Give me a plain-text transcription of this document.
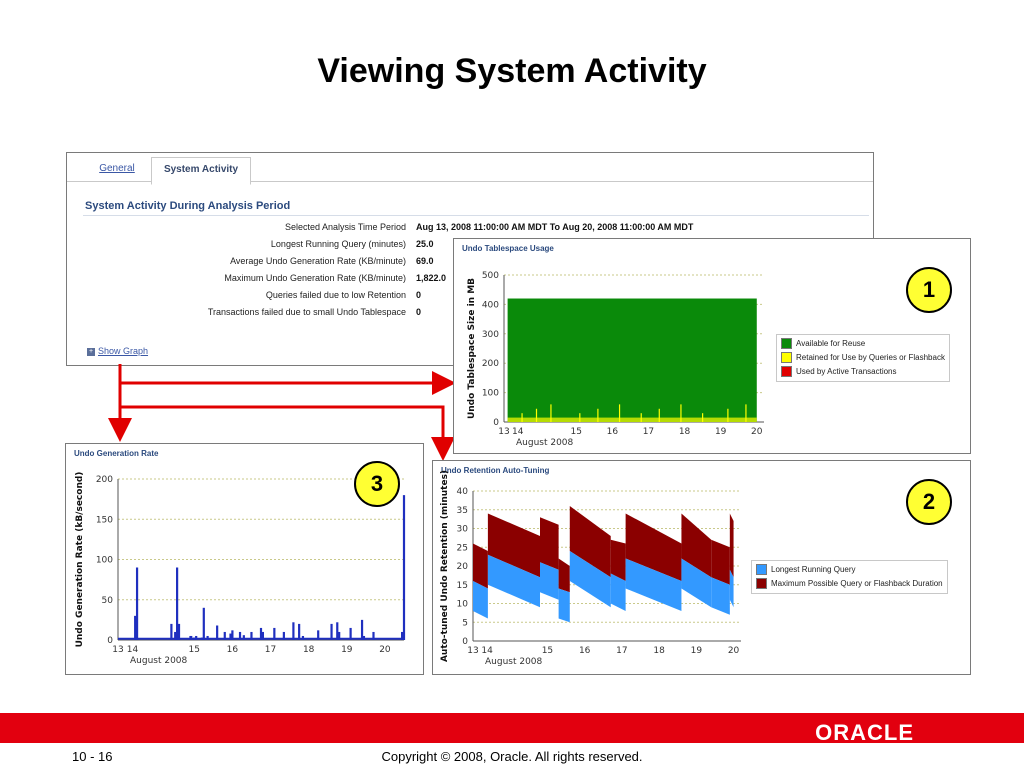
Viewing System Activity
General	System Activity
System Activity During Analysis Period
Selected Analysis Time Period Aug 13, 2008 11:00:00 AM MDT To Aug 20, 2008 11:00:00 AM MDT
Longest Running Query (minutes) 25.0
Average Undo Generation Rate (KB/minute) 69.0
Maximum Undo Generation Rate (KB/minute) 1,822.0
Queries failed due to low Retention 0
Transactions failed due to small Undo Tablespace 0
+ Show Graph
Undo Tablespace Usage
0
100
200
300
400
500
13 14	15	16	17	18	19	20
August 2008
Undo Tablespace Size in MB	Available for Reuse
Retained for Use by Queries or Flashback
Used by Active Transactions
Undo Retention Auto-Tuning
0
5
10
15
20
25
30
35
40
13 14	15	16	17	18	19	20
August 2008
Auto-tuned Undo Retention (minutes)	Longest Running Query
Maximum Possible Query or Flashback Duration
Undo Generation Rate
0
50
100
150
200
13 14	15	16	17	18	19	20
August 2008
Undo Generation Rate (kB/second)
1
2
3
ORACLE
10 - 16	Copyright © 2008, Oracle. All rights reserved.
